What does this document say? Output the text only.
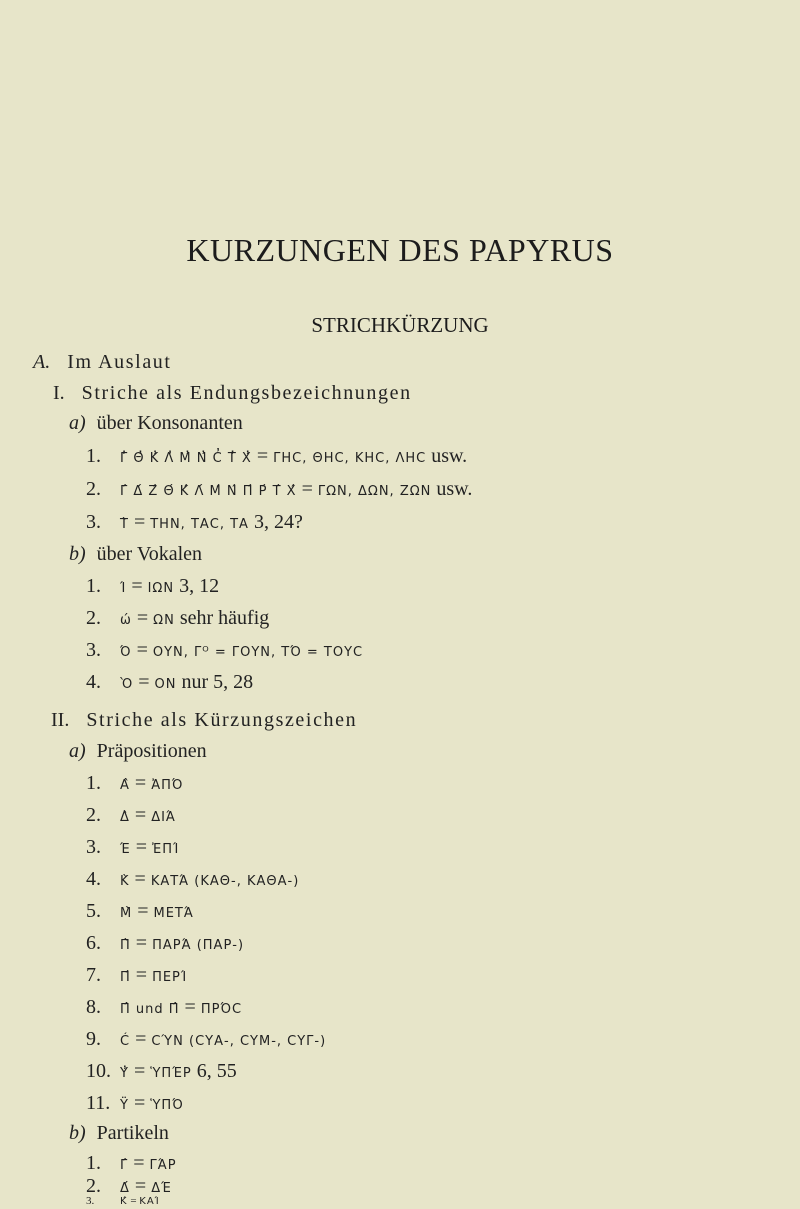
KURZUNGEN DES PAPYRUS
STRICHKÜRZUNG
A. Im Auslaut
I. Striche als Endungsbezeichnungen
a) über Konsonanten
1. Γ̓ Θ̓ Κ̓ Λ̓ Μ̓ Ν̓ C̓ Τ̓ Χ̓ = ΓΗC, ΘΗC, ΚΗC, ΛΗC usw.
2. Γ́ Δ́ Ζ́ Θ́ Κ́ Λ́ Μ́ Ν́ Π́ Ρ́ Τ́ Χ́ = ΓΩΝ, ΔΩΝ, ΖΩΝ usw.
3. Τ̀ = ΤΗΝ, ΤΑC, ΤΑ 3, 24?
b) über Vokalen
1. Ί = ΙΩΝ 3, 12
2. ώ = ΩΝ sehr häufig
3. Ό = ΟΥΝ, Γᴼ = ΓΟΥΝ, ΤΌ = ΤΟΥC
4. Ὸ = ΟΝ nur 5, 28
II. Striche als Kürzungszeichen
a) Präpositionen
1. Α̂ = ἈΠΌ
2. Δ̀ = ΔΙΆ
3. Έ = ἘΠΊ
4. Κ̀ = ΚΑΤΆ (ΚΑΘ-, ΚΑΘΑ-)
5. Μ̀ = ΜΕΤΆ
6. Π̀ = ΠΑΡΆ (ΠΑΡ-)
7. Π́ = ΠΕΡΊ
8. Π̂ und Π̂ = ΠΡΌC
9. Ć = CΎΝ (CΥΑ-, CΥΜ-, CΥΓ-)
10. Υ̓ = ὙΠΈΡ 6, 55
11. Ϋ = ὙΠΌ
b) Partikeln
1. Γ́ = ΓΆΡ
2. Δ́ = ΔΈ
3.	Κ́ = ΚΑΊ
